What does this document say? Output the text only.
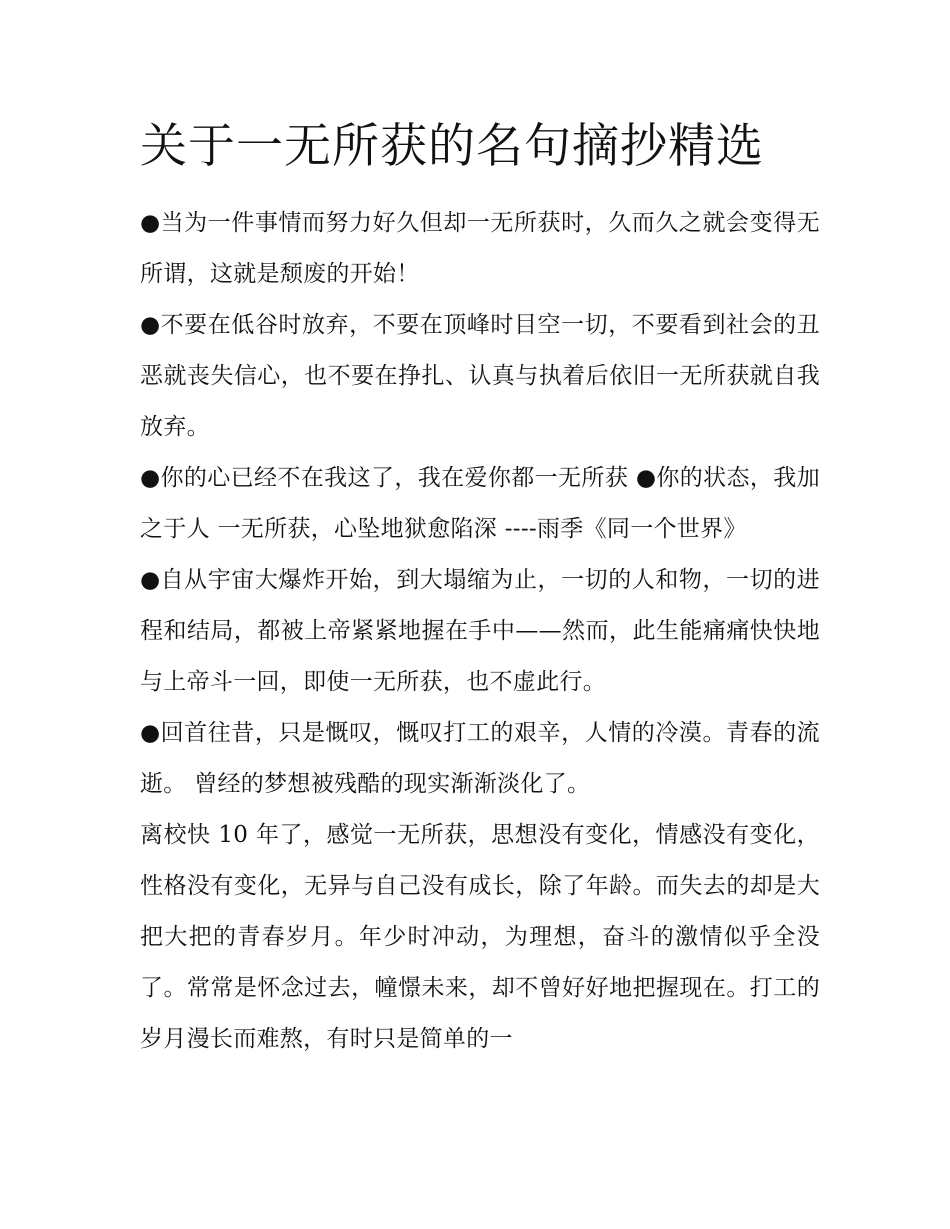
关于一无所获的名句摘抄精选

●当为一件事情而努力好久但却一无所获时，久而久之就会变得无所谓，这就是颓废的开始！

●不要在低谷时放弃，不要在顶峰时目空一切，不要看到社会的丑恶就丧失信心，也不要在挣扎、认真与执着后依旧一无所获就自我放弃。

●你的心已经不在我这了，我在爱你都一无所获 ●你的状态，我加之于人 一无所获，心坠地狱愈陷深 ----雨季《同一个世界》

●自从宇宙大爆炸开始，到大塌缩为止，一切的人和物，一切的进程和结局，都被上帝紧紧地握在手中——然而，此生能痛痛快快地与上帝斗一回，即使一无所获，也不虚此行。

●回首往昔，只是慨叹，慨叹打工的艰辛，人情的冷漠。青春的流逝。 曾经的梦想被残酷的现实渐渐淡化了。

离校快 10 年了，感觉一无所获，思想没有变化，情感没有变化，性格没有变化，无异与自己没有成长，除了年龄。而失去的却是大把大把的青春岁月。年少时冲动，为理想，奋斗的激情似乎全没了。常常是怀念过去，幢憬未来，却不曾好好地把握现在。打工的岁月漫长而难熬，有时只是简单的一
